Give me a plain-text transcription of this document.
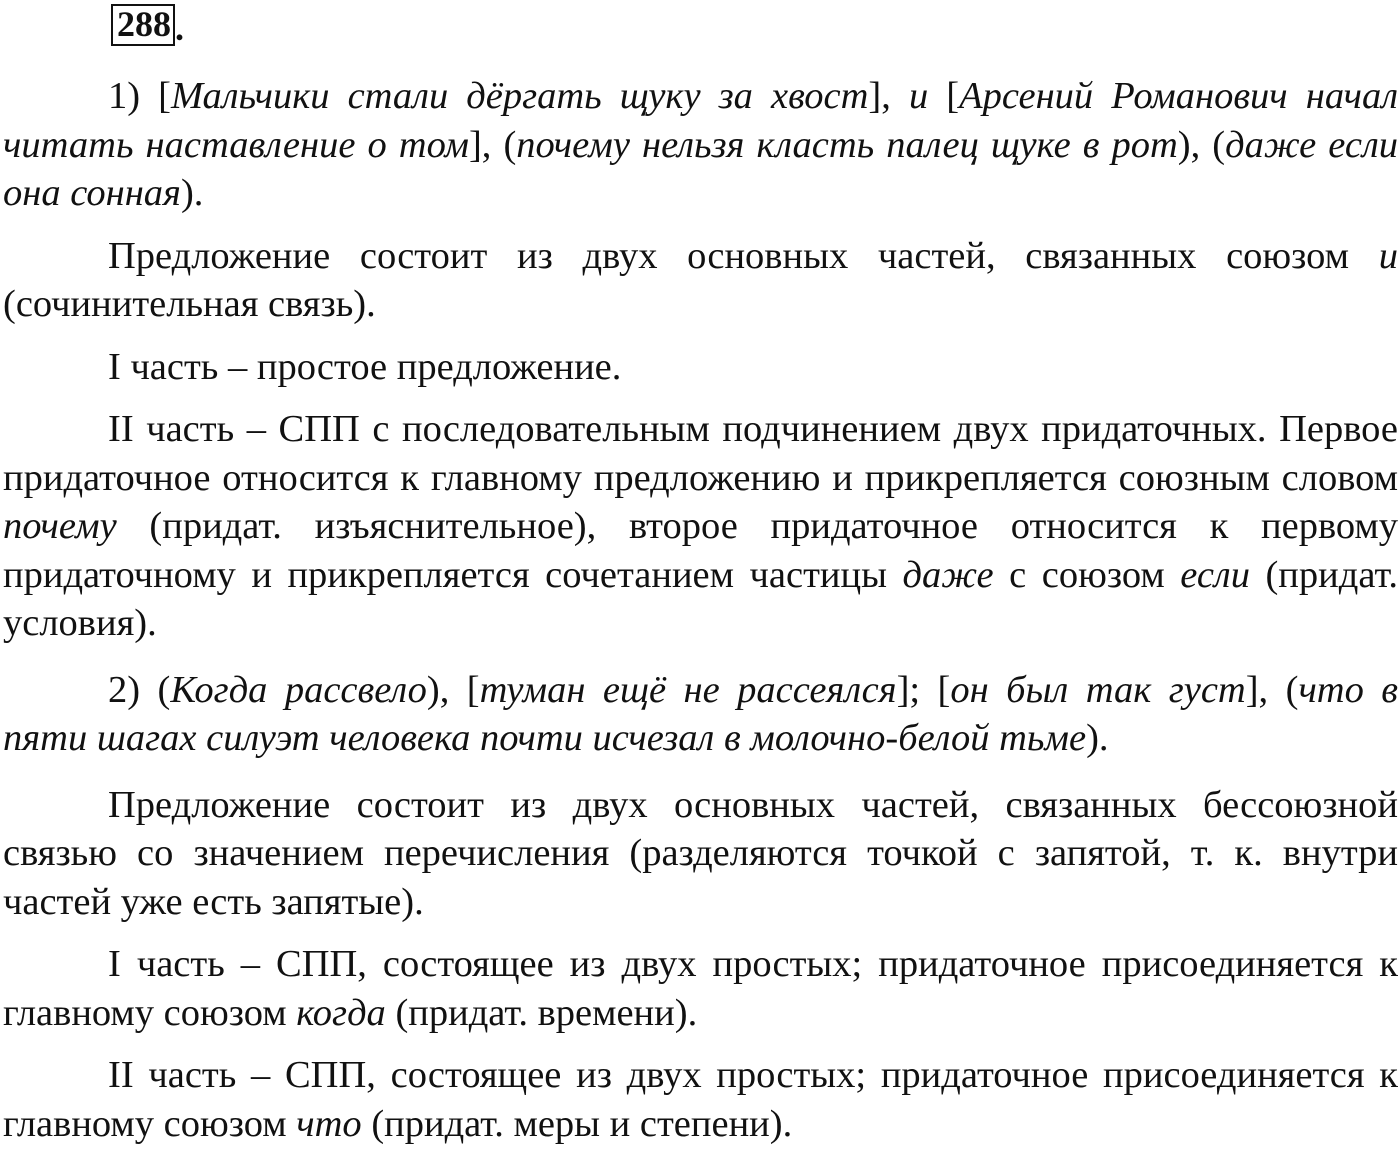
288 .

1) [Мальчики стали дёргать щуку за хвост], и [Арсений Романович начал читать наставление о том], (почему нельзя класть палец щуке в рот), (даже если она сонная).

Предложение состоит из двух основных частей, связанных союзом и (сочинительная связь).

I часть – простое предложение.

II часть – СПП с последовательным подчинением двух придаточных. Первое придаточное относится к главному предложению и прикрепляется союзным словом почему (придат. изъяснительное), второе придаточное относится к первому придаточному и прикрепляется сочетанием частицы даже с союзом если (придат. условия).

2) (Когда рассвело), [туман ещё не рассеялся]; [он был так густ], (что в пяти шагах силуэт человека почти исчезал в молочно-белой тьме).

Предложение состоит из двух основных частей, связанных бессоюзной связью со значением перечисления (разделяются точкой с запятой, т. к. внутри частей уже есть запятые).

I часть – СПП, состоящее из двух простых; придаточное присоединяется к главному союзом когда (придат. времени).

II часть – СПП, состоящее из двух простых; придаточное присоединяется к главному союзом что (придат. меры и степени).
